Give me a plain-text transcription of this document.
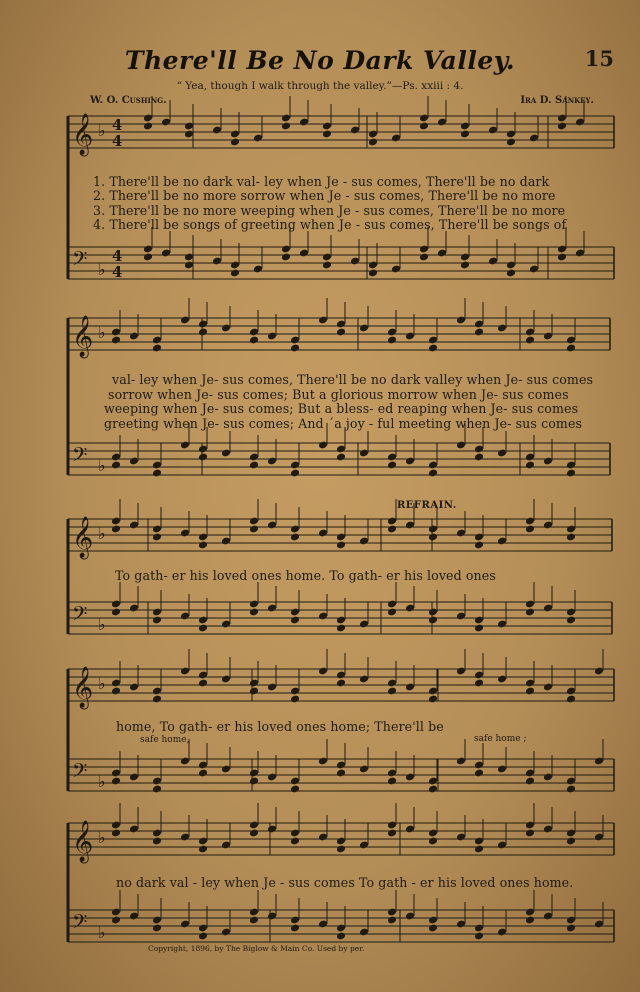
There'll Be No Dark Valley.	15
“ Yea, though I walk through the valley.”—Ps. xxiii : 4.
W. O. Cushing.	Ira D. Sankey.
𝄞 ♭
𝄢 ♭
𝄞 ♭
𝄢 ♭
𝄞 ♭
𝄢 ♭
𝄞 ♭
𝄢 ♭
𝄞 ♭
𝄢 ♭
4
4
4
4
1. There'll be no dark val- ley when Je - sus comes, There'll be no dark
2. There'll be no more sorrow when Je - sus comes, There'll be no more
3. There'll be no more weeping when Je - sus comes, There'll be no more
4. There'll be songs of greeting when Je - sus comes, There'll be songs of
val- ley when Je- sus comes, There'll be no dark valley when Je- sus comes
sorrow when Je- sus comes; But a glorious morrow when Je- sus comes
weeping when Je- sus comes; But a bless- ed reaping when Je- sus comes
greeting when Je- sus comes; And ´a joy - ful meeting when Je- sus comes
REFRAIN.
To gath- er his loved ones home. To gath- er his loved ones
home, To gath- er his loved ones home; There'll be
safe home,	safe home ;
no dark val - ley when Je - sus comes To gath - er his loved ones home.
Copyright, 1896, by The Biglow & Main Co. Used by per.
